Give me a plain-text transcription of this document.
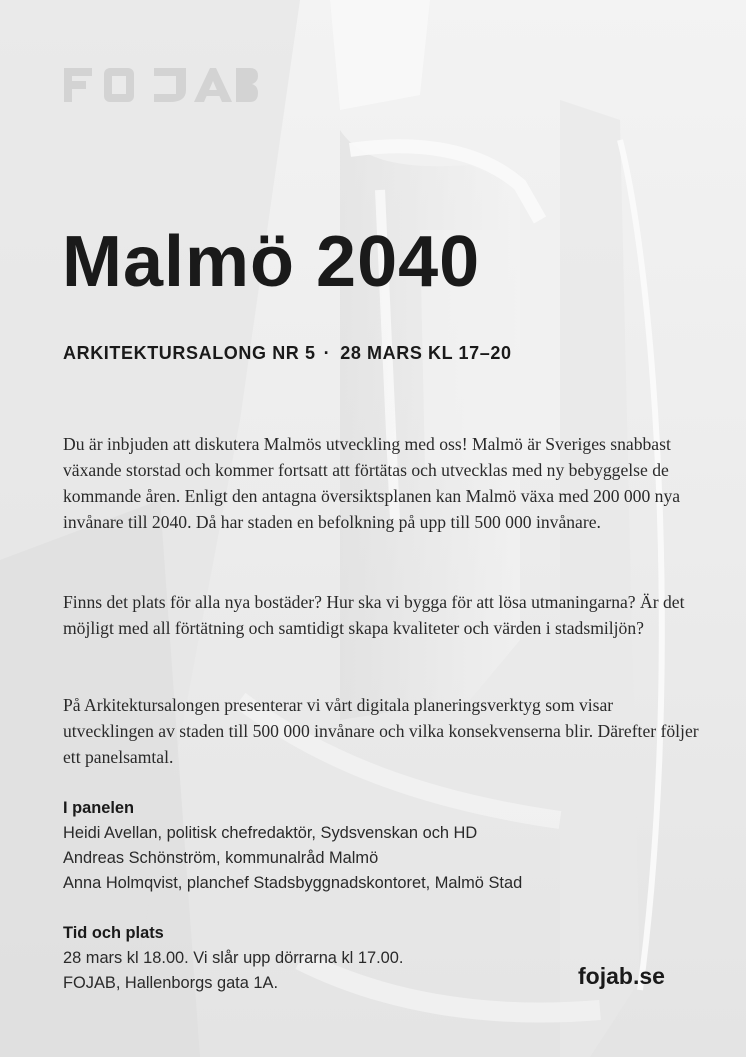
Malmö 2040
ARKITEKTURSALONG NR 5 · 28 MARS KL 17–20

Du är inbjuden att diskutera Malmös utveckling med oss! Malmö är Sveriges snabbast växande storstad och kommer fortsatt att förtätas och utvecklas med ny bebyggelse de kommande åren. Enligt den antagna översiktsplanen kan Malmö växa med 200 000 nya invånare till 2040. Då har staden en befolkning på upp till 500 000 invånare.

Finns det plats för alla nya bostäder? Hur ska vi bygga för att lösa utmaningarna? Är det möjligt med all förtätning och samtidigt skapa kvaliteter och värden i stadsmiljön?

På Arkitektursalongen presenterar vi vårt digitala planeringsverktyg som visar utvecklingen av staden till 500 000 invånare och vilka konsekvenserna blir. Därefter följer ett panelsamtal.

I panelen
Heidi Avellan, politisk chefredaktör, Sydsvenskan och HD
Andreas Schönström, kommunalråd Malmö
Anna Holmqvist, planchef Stadsbyggnadskontoret, Malmö Stad
Tid och plats
28 mars kl 18.00. Vi slår upp dörrarna kl 17.00.
FOJAB, Hallenborgs gata 1A.	fojab.se
